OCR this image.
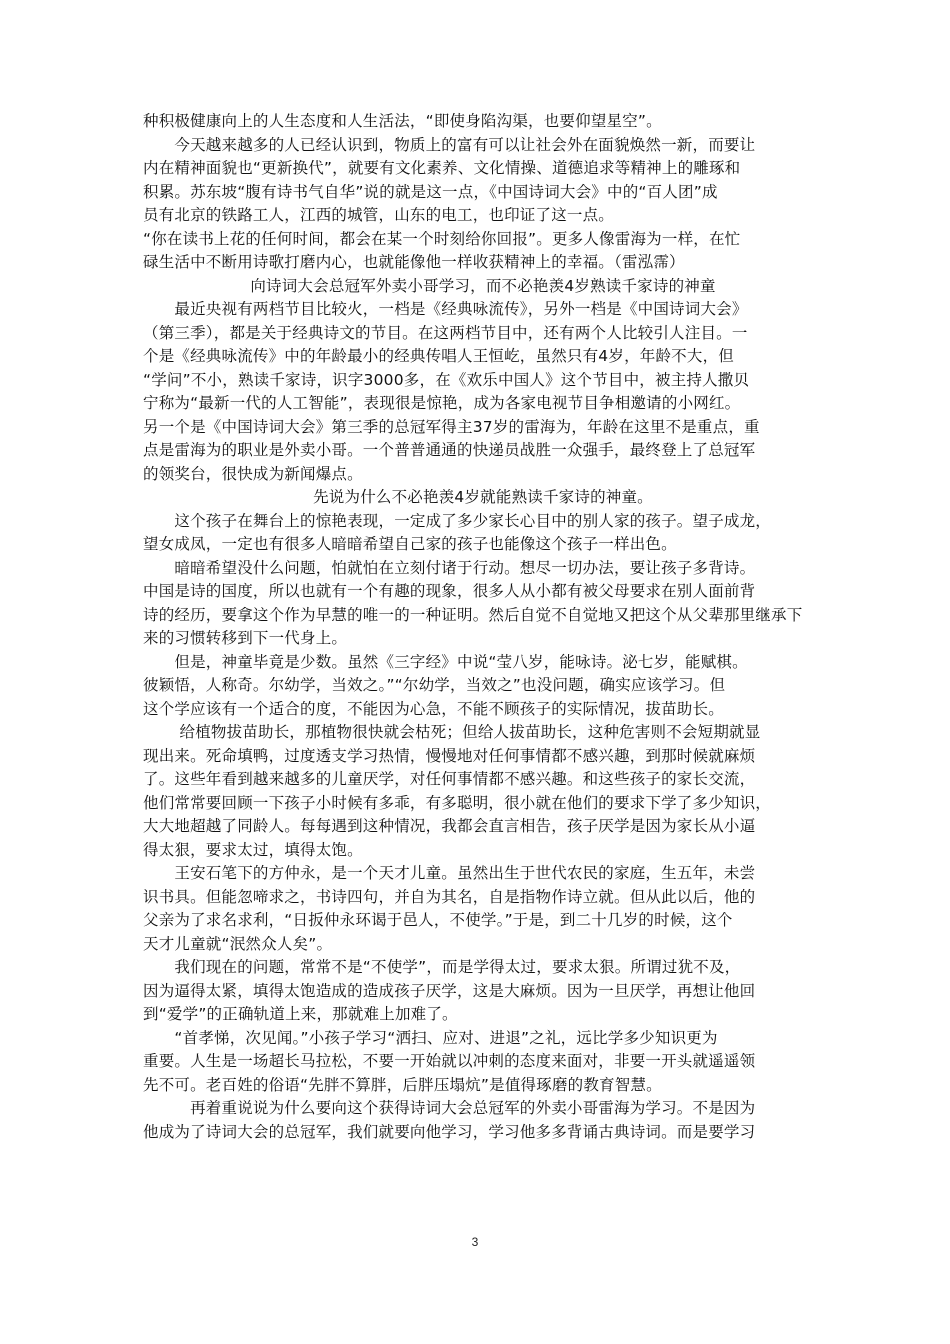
种积极健康向上的人生态度和人生活法，“即使身陷沟渠，也要仰望星空”。
　　今天越来越多的人已经认识到，物质上的富有可以让社会外在面貌焕然一新，而要让
内在精神面貌也“更新换代”，就要有文化素养、文化情操、道德追求等精神上的雕琢和
积累。苏东坡“腹有诗书气自华”说的就是这一点，《中国诗词大会》中的“百人团”成
员有北京的铁路工人，江西的城管，山东的电工，也印证了这一点。
“你在读书上花的任何时间，都会在某一个时刻给你回报”。更多人像雷海为一样，在忙
碌生活中不断用诗歌打磨内心，也就能像他一样收获精神上的幸福。（雷泓霈）
向诗词大会总冠军外卖小哥学习，而不必艳羡4岁熟读千家诗的神童
　　最近央视有两档节目比较火，一档是《经典咏流传》，另外一档是《中国诗词大会》
（第三季），都是关于经典诗文的节目。在这两档节目中，还有两个人比较引人注目。一
个是《经典咏流传》中的年龄最小的经典传唱人王恒屹，虽然只有4岁，年龄不大，但
“学问”不小，熟读千家诗，识字3000多，在《欢乐中国人》这个节目中，被主持人撒贝
宁称为“最新一代的人工智能”，表现很是惊艳，成为各家电视节目争相邀请的小网红。
另一个是《中国诗词大会》第三季的总冠军得主37岁的雷海为，年龄在这里不是重点，重
点是雷海为的职业是外卖小哥。一个普普通通的快递员战胜一众强手，最终登上了总冠军
的领奖台，很快成为新闻爆点。
先说为什么不必艳羡4岁就能熟读千家诗的神童。
　　这个孩子在舞台上的惊艳表现，一定成了多少家长心目中的别人家的孩子。望子成龙，
望女成凤，一定也有很多人暗暗希望自己家的孩子也能像这个孩子一样出色。
　　暗暗希望没什么问题，怕就怕在立刻付诸于行动。想尽一切办法，要让孩子多背诗。
中国是诗的国度，所以也就有一个有趣的现象，很多人从小都有被父母要求在别人面前背
诗的经历，要拿这个作为早慧的唯一的一种证明。然后自觉不自觉地又把这个从父辈那里继承下
来的习惯转移到下一代身上。
　　但是，神童毕竟是少数。虽然《三字经》中说“莹八岁，能咏诗。泌七岁，能赋棋。
彼颖悟，人称奇。尔幼学，当效之。”“尔幼学，当效之”也没问题，确实应该学习。但
这个学应该有一个适合的度，不能因为心急，不能不顾孩子的实际情况，拔苗助长。
　　 给植物拔苗助长，那植物很快就会枯死；但给人拔苗助长，这种危害则不会短期就显
现出来。死命填鸭，过度透支学习热情，慢慢地对任何事情都不感兴趣，到那时候就麻烦
了。这些年看到越来越多的儿童厌学，对任何事情都不感兴趣。和这些孩子的家长交流，
他们常常要回顾一下孩子小时候有多乖，有多聪明，很小就在他们的要求下学了多少知识，
大大地超越了同龄人。每每遇到这种情况，我都会直言相告，孩子厌学是因为家长从小逼
得太狠，要求太过，填得太饱。
　　王安石笔下的方仲永，是一个天才儿童。虽然出生于世代农民的家庭，生五年，未尝
识书具。但能忽啼求之，书诗四句，并自为其名，自是指物作诗立就。但从此以后，他的
父亲为了求名求利，“日扳仲永环谒于邑人，不使学。”于是，到二十几岁的时候，这个
天才儿童就“泯然众人矣”。
　　我们现在的问题，常常不是“不使学”，而是学得太过，要求太狠。所谓过犹不及，
因为逼得太紧，填得太饱造成的造成孩子厌学，这是大麻烦。因为一旦厌学，再想让他回
到“爱学”的正确轨道上来，那就难上加难了。
　　“首孝悌，次见闻。”小孩子学习“洒扫、应对、进退”之礼，远比学多少知识更为
重要。人生是一场超长马拉松，不要一开始就以冲刺的态度来面对，非要一开头就遥遥领
先不可。老百姓的俗语“先胖不算胖，后胖压塌炕”是值得琢磨的教育智慧。
　　　再着重说说为什么要向这个获得诗词大会总冠军的外卖小哥雷海为学习。不是因为
他成为了诗词大会的总冠军，我们就要向他学习，学习他多多背诵古典诗词。而是要学习
3
